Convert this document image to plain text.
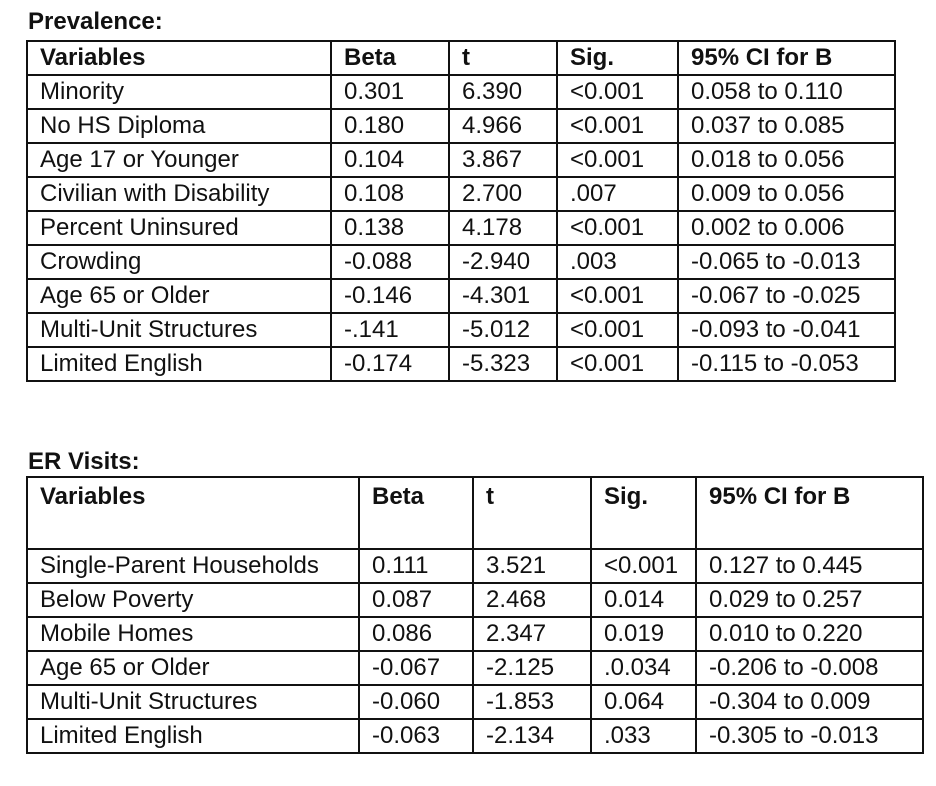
Prevalence:
Variables	Beta	t	Sig.	95% CI for B
Minority	0.301	6.390	<0.001	0.058 to 0.110
No HS Diploma	0.180	4.966	<0.001	0.037 to 0.085
Age 17 or Younger	0.104	3.867	<0.001	0.018 to 0.056
Civilian with Disability	0.108	2.700	.007	0.009 to 0.056
Percent Uninsured	0.138	4.178	<0.001	0.002 to 0.006
Crowding	-0.088	-2.940	.003	-0.065 to -0.013
Age 65 or Older	-0.146	-4.301	<0.001	-0.067 to -0.025
Multi-Unit Structures	-.141	-5.012	<0.001	-0.093 to -0.041
Limited English	-0.174	-5.323	<0.001	-0.115 to -0.053
ER Visits:
Variables	Beta	t	Sig.	95% CI for B
Single-Parent Households	0.111	3.521	<0.001	0.127 to 0.445
Below Poverty	0.087	2.468	0.014	0.029 to 0.257
Mobile Homes	0.086	2.347	0.019	0.010 to 0.220
Age 65 or Older	-0.067	-2.125	.0.034	-0.206 to -0.008
Multi-Unit Structures	-0.060	-1.853	0.064	-0.304 to 0.009
Limited English	-0.063	-2.134	.033	-0.305 to -0.013
